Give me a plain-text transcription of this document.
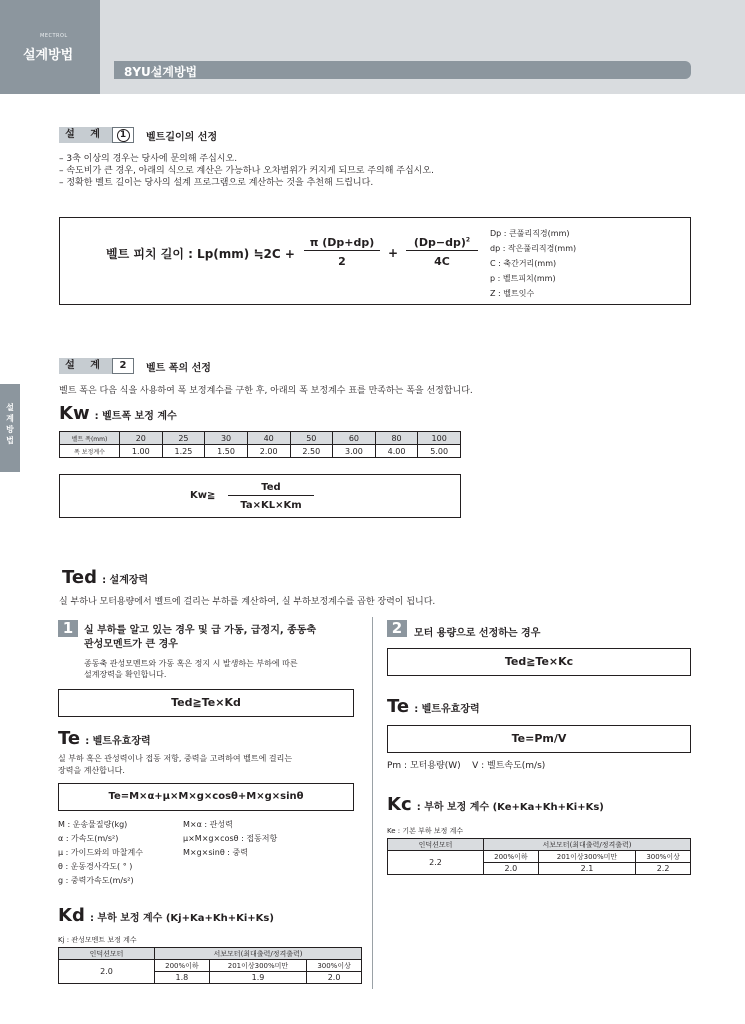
MECTROL
설계방법
8YU설계방법
설계방법
설 계	1	벨트길이의 선정
– 3축 이상의 경우는 당사에 문의해 주십시오.
– 속도비가 큰 경우, 아래의 식으로 계산은 가능하나 오차범위가 커지게 되므로 주의해 주십시오.
– 정확한 벨트 길이는 당사의 설계 프로그램으로 계산하는 것을 추천해 드립니다.
벨트 피치 길이 : Lp(mm) ≒2C +
π (Dp+dp)
2
+
$(Dp-dp)^2$
4C
Dp : 큰풀리직경(mm)
dp : 작은풀리직경(mm)
C : 축간거리(mm)
p : 벨트피치(mm)
Z : 벨트잇수
설 계	2	벨트 폭의 선정
벨트 폭은 다음 식을 사용하여 폭 보정계수를 구한 후, 아래의 폭 보정계수 표를 만족하는 폭을 선정합니다.
Kw : 벨트폭 보정 계수
벨트 폭(mm)	20	25	30	40	50	60	80	100
폭 보정계수	1.00	1.25	1.50	2.00	2.50	3.00	4.00	5.00
Kw≧
Ted
Ta×KL×Km
Ted : 설계장력
실 부하나 모터용량에서 벨트에 걸리는 부하를 계산하여, 실 부하보정계수를 곱한 장력이 됩니다.
1	실 부하를 알고 있는 경우 및 급 가동, 급정지, 종동축
관성모멘트가 큰 경우
종동축 관성모멘트와 가동 혹은 정지 시 발생하는 부하에 따른
설계장력을 확인합니다.
Ted≧Te×Kd
Te : 벨트유효장력
실 부하 혹은 관성력이나 접동 저항, 중력을 고려하여 벨트에 걸리는
장력을 계산합니다.
Te=M×α+μ×M×g×cosθ+M×g×sinθ
M : 운송물질량(kg)
α : 가속도(m/s²)
μ : 가이드와의 마찰계수
θ : 운동경사각도( ° )
g : 중력가속도(m/s²)
M×α : 관성력
μ×M×g×cosθ : 접동저항
M×g×sinθ : 중력
Kd : 부하 보정 계수 (Kj+Ka+Kh+Ki+Ks)
Kj : 관성모멘트 보정 계수
인덕션모터	서보모터(최대출력/정격출력)		
2.0	200%이하	201이상300%미만	300%이상
	1.8	1.9	2.0
2	모터 용량으로 선정하는 경우
Ted≧Te×Kc
Te : 벨트유효장력
Te=Pm/V
Pm : 모터용량(W)    V : 벨트속도(m/s)
Kc : 부하 보정 계수 (Ke+Ka+Kh+Ki+Ks)
Ke : 기본 부하 보정 계수
인덕션모터	서보모터(최대출력/정격출력)		
2.2	200%이하	201이상300%미만	300%이상
	2.0	2.1	2.2
